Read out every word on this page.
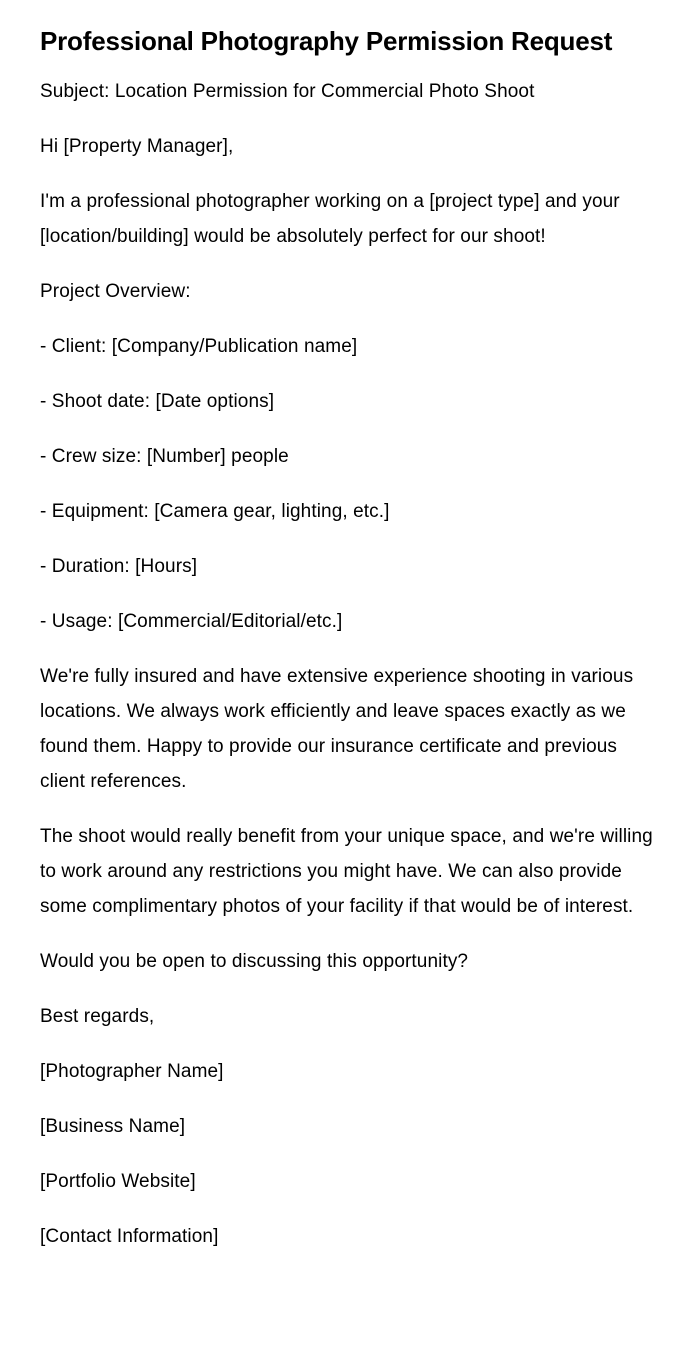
Professional Photography Permission Request

Subject: Location Permission for Commercial Photo Shoot

Hi [Property Manager],

I'm a professional photographer working on a [project type] and your [location/building] would be absolutely perfect for our shoot!

Project Overview:

- Client: [Company/Publication name]

- Shoot date: [Date options]

- Crew size: [Number] people

- Equipment: [Camera gear, lighting, etc.]

- Duration: [Hours]

- Usage: [Commercial/Editorial/etc.]

We're fully insured and have extensive experience shooting in various locations. We always work efficiently and leave spaces exactly as we found them. Happy to provide our insurance certificate and previous client references.

The shoot would really benefit from your unique space, and we're willing to work around any restrictions you might have. We can also provide some complimentary photos of your facility if that would be of interest.

Would you be open to discussing this opportunity?

Best regards,

[Photographer Name]

[Business Name]

[Portfolio Website]

[Contact Information]
